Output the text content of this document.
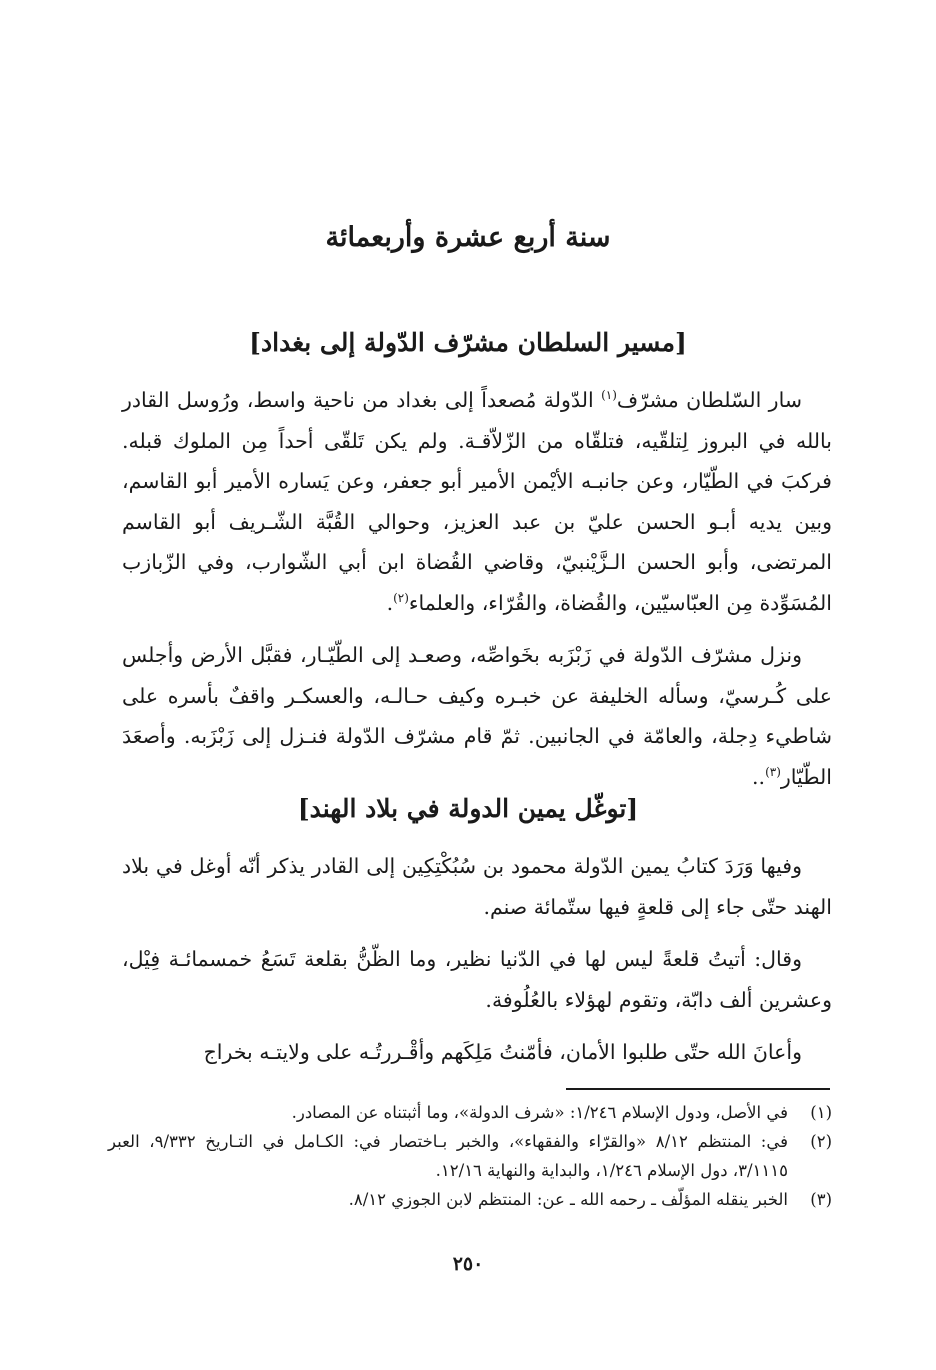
سنة أربع عشرة وأربعمائة
[مسير السلطان مشرّف الدّولة إلى بغداد]

سار السّلطان مشرّف$^{(١)}$ الدّولة مُصعداً إلى بغداد من ناحية واسط، ورُوسل القادر بالله في البروز لِتلقّيه، فتلقّاه من الزّلاّقـة. ولم يكن تَلقّى أحداً مِن الملوك قبله. فركبَ في الطّيّار، وعن جانبـه الأيْمن الأمير أبو جعفر، وعن يَساره الأمير أبو القاسم، وبين يديه أبـو الحسن عليّ بن عبد العزيز، وحوالي القُبَّة الشّـريف أبو القاسم المرتضى، وأبو الحسن الـزَّيْنبيّ، وقاضي القُضاة ابن أبي الشّوارب، وفي الزّبازب المُسَوِّدة مِن العبّاسيّين، والقُضاة، والقُرّاء، والعلماء$^{(٢)}$.

ونزل مشرّف الدّولة في زَبْزَبه بخَواصِّه، وصعـد إلى الطّيّـار، فقبَّل الأرض وأجلس على كُـرسيّ، وسأله الخليفة عن خبـره وكيف حـالـه، والعسكـر واقفٌ بأسره على شاطيء دِجلة، والعامّة في الجانبين. ثمّ قام مشرّف الدّولة فنـزل إلى زَبْزَبه. وأصعَدَ الطّيّار$^{(٣)}$..

[توغّل يمين الدولة في بلاد الهند]

وفيها وَرَدَ كتابُ يمين الدّولة محمود بن سُبُكْتِكِين إلى القادر يذكر أنّه أوغل في بلاد الهند حتّى جاء إلى قلعةٍ فيها ستّمائة صنم.

وقال: أتيتُ قلعةً ليس لها في الدّنيا نظير، وما الظّنُّ بقلعة تَسَعُ خمسمائـة فِيْل، وعشرين ألف دابّة، وتقوم لهؤلاء بالعُلُوفة.

وأعانَ الله حتّى طلبوا الأمان، فأمّنتُ مَلِكَهم وأقْـررتُـه على ولايتـه بخراج

(١)
في الأصل، ودول الإسلام ١/٢٤٦: «شرف الدولة»، وما أثبتناه عن المصادر.
(٢)
في: المنتظم ٨/١٢ «والقرّاء والفقهاء»، والخبر بـاختصار في: الكـامل في التـاريخ ٩/٣٣٢، العبر ٣/١١١٥، دول الإسلام ١/٢٤٦، والبداية والنهاية ١٢/١٦.
(٣)
الخبر ينقله المؤلّف ـ رحمه الله ـ عن: المنتظم لابن الجوزي ٨/١٢.
٢٥٠
